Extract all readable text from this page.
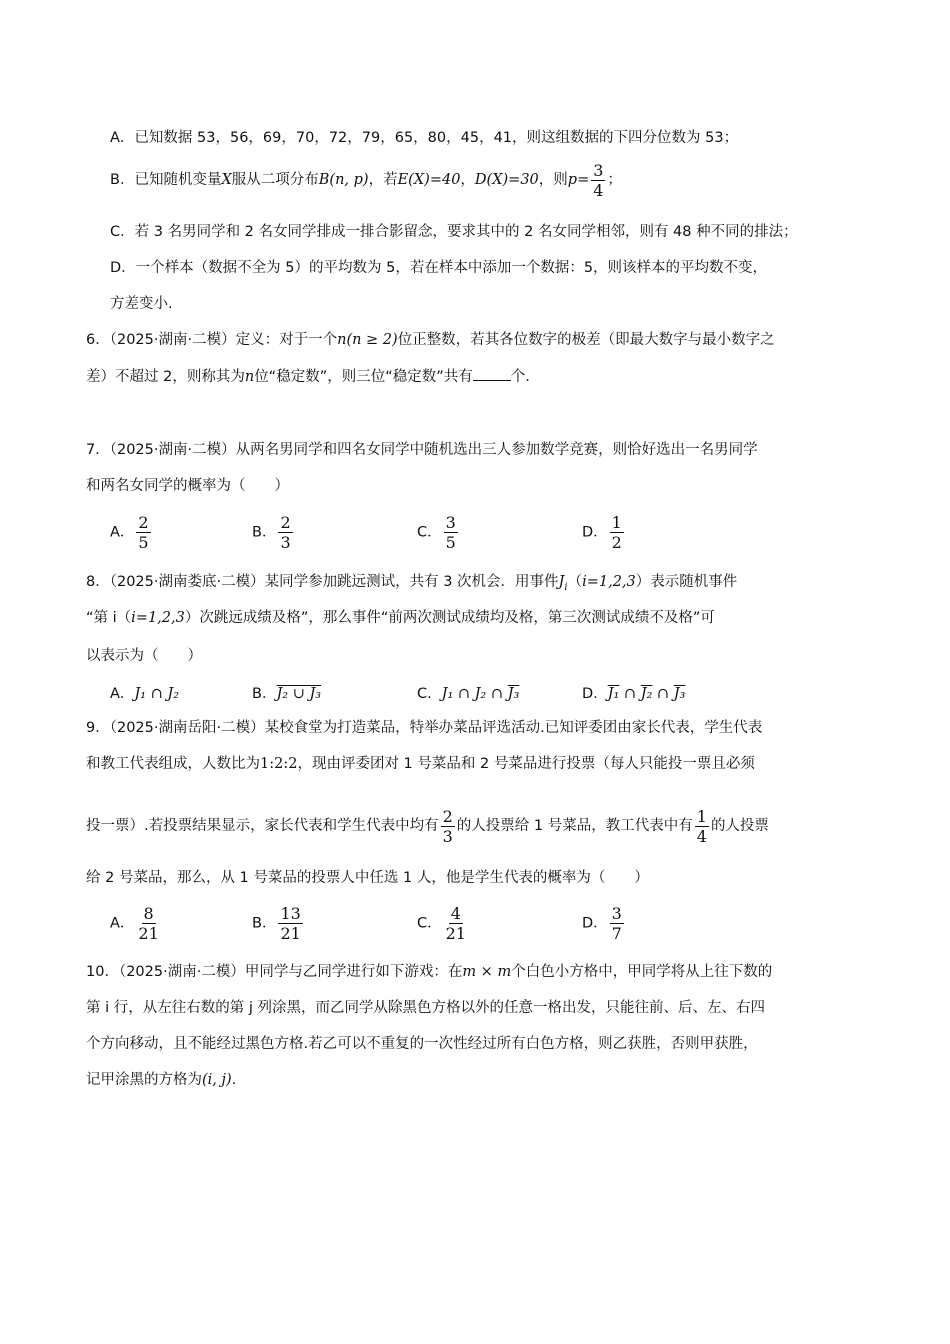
A．已知数据 53，56，69，70，72，79，65，80，45，41，则这组数据的下四分位数为 53；
B．已知随机变量X服从二项分布B(n, p)，若E(X)=40，D(X)=30，则$p= \frac{3}{4}$ ；
C．若 3 名男同学和 2 名女同学排成一排合影留念，要求其中的 2 名女同学相邻，则有 48 种不同的排法；
D．一个样本（数据不全为 5）的平均数为 5，若在样本中添加一个数据：5，则该样本的平均数不变，
方差变小.
6．（2025·湖南·二模）定义：对于一个n(n ≥ 2)位正整数，若其各位数字的极差（即最大数字与最小数字之
差）不超过 2，则称其为n位“稳定数”，则三位“稳定数”共有	个.
7．（2025·湖南·二模）从两名男同学和四名女同学中随机选出三人参加数学竞赛，则恰好选出一名男同学
和两名女同学的概率为（　　）
A． $\frac{2}{5}$	B． $\frac{2}{3}$	C． $\frac{3}{5}$	D． $\frac{1}{2}$
8．（2025·湖南娄底·二模）某同学参加跳远测试，共有 3 次机会．用事件$J_i(i=1,2,3)$表示随机事件
“第 i（i=1,2,3）次跳远成绩及格”，那么事件“前两次测试成绩均及格，第三次测试成绩不及格”可
以表示为（　　）
A．J₁ ∩ J₂	B．J₂ ∪ J₃	C．J₁ ∩ J₂ ∩ J₃	D．J₁ ∩ J₂ ∩ J₃
9．（2025·湖南岳阳·二模）某校食堂为打造菜品，特举办菜品评选活动.已知评委团由家长代表，学生代表
和教工代表组成，人数比为1:2:2，现由评委团对 1 号菜品和 2 号菜品进行投票（每人只能投一票且必须
投一票）.若投票结果显示，家长代表和学生代表中均有 $\frac{2}{3}$ 的人投票给 1 号菜品，教工代表中有 $\frac{1}{4}$ 的人投票
给 2 号菜品，那么，从 1 号菜品的投票人中任选 1 人，他是学生代表的概率为（　　）
A． $\frac{8}{21}$	B． $\frac{13}{21}$	C． $\frac{4}{21}$	D． $\frac{3}{7}$
10．（2025·湖南·二模）甲同学与乙同学进行如下游戏：在m × m个白色小方格中，甲同学将从上往下数的
第 i 行，从左往右数的第 j 列涂黑，而乙同学从除黑色方格以外的任意一格出发，只能往前、后、左、右四
个方向移动，且不能经过黑色方格.若乙可以不重复的一次性经过所有白色方格，则乙获胜，否则甲获胜，
记甲涂黑的方格为(i, j).
